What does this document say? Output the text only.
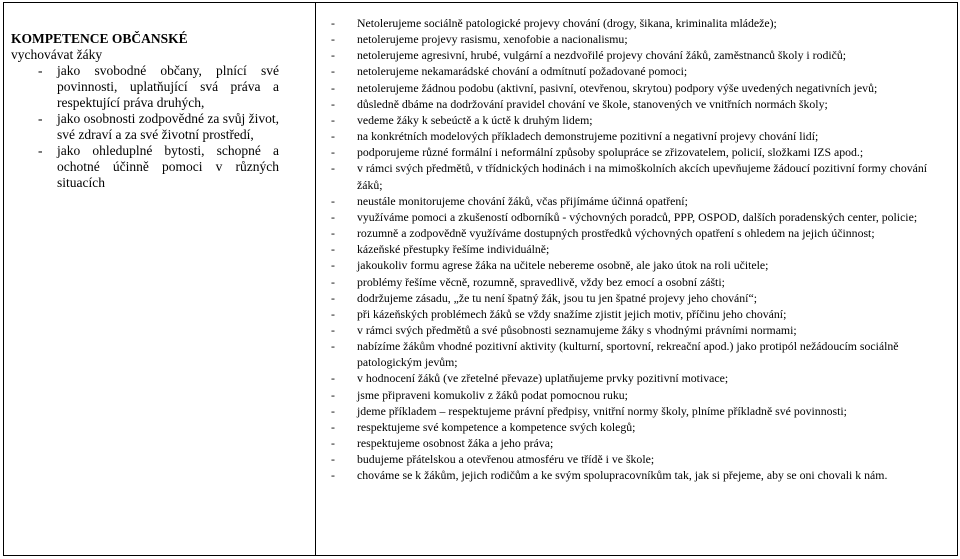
KOMPETENCE OBČANSKÉ

vychovávat žáky

- jako svobodné občany, plnící své povinnosti, uplatňující svá práva a respektující práva druhých,
- jako osobnosti zodpovědné za svůj život, své zdraví a za své životní prostředí,
- jako ohleduplné bytosti, schopné a ochotné účinně pomoci v různých situacích

- Netolerujeme sociálně patologické projevy chování (drogy, šikana, kriminalita mládeže);
- netolerujeme projevy rasismu, xenofobie a nacionalismu;
- netolerujeme agresivní, hrubé, vulgární a nezdvořilé projevy chování žáků, zaměstnanců školy i rodičů;
- netolerujeme nekamarádské chování a odmítnutí požadované pomoci;
- netolerujeme žádnou podobu (aktivní, pasivní, otevřenou, skrytou) podpory výše uvedených negativních jevů;
- důsledně dbáme na dodržování pravidel chování ve škole, stanovených ve vnitřních normách školy;
- vedeme žáky k sebeúctě a k úctě k druhým lidem;
- na konkrétních modelových příkladech demonstrujeme pozitivní a negativní projevy chování lidí;
- podporujeme různé formální i neformální způsoby spolupráce se zřizovatelem, policií, složkami IZS apod.;
- v rámci svých předmětů, v třídnických hodinách i na mimoškolních akcích upevňujeme žádoucí pozitivní formy chování žáků;
- neustále monitorujeme chování žáků, včas přijímáme účinná opatření;
- využíváme pomoci a zkušeností odborníků - výchovných poradců, PPP, OSPOD, dalších poradenských center, policie;
- rozumně a zodpovědně využíváme dostupných prostředků výchovných opatření s ohledem na jejich účinnost;
- kázeňské přestupky řešíme individuálně;
- jakoukoliv formu agrese žáka na učitele nebereme osobně, ale jako útok na roli učitele;
- problémy řešíme věcně, rozumně, spravedlivě, vždy bez emocí a osobní zášti;
- dodržujeme zásadu, „že tu není špatný žák, jsou tu jen špatné projevy jeho chování“;
- při kázeňských problémech žáků se vždy snažíme zjistit jejich motiv, příčinu jeho chování;
- v rámci svých předmětů a své působnosti seznamujeme žáky s vhodnými právními normami;
- nabízíme žákům vhodné pozitivní aktivity (kulturní, sportovní, rekreační apod.) jako protipól nežádoucím sociálně patologickým jevům;
- v hodnocení žáků (ve zřetelné převaze) uplatňujeme prvky pozitivní motivace;
- jsme připraveni komukoliv z žáků podat pomocnou ruku;
- jdeme příkladem – respektujeme právní předpisy, vnitřní normy školy, plníme příkladně své povinnosti;
- respektujeme své kompetence a kompetence svých kolegů;
- respektujeme osobnost žáka a jeho práva;
- budujeme přátelskou a otevřenou atmosféru ve třídě i ve škole;
- chováme se k žákům, jejich rodičům a ke svým spolupracovníkům tak, jak si přejeme, aby se oni chovali k nám.
